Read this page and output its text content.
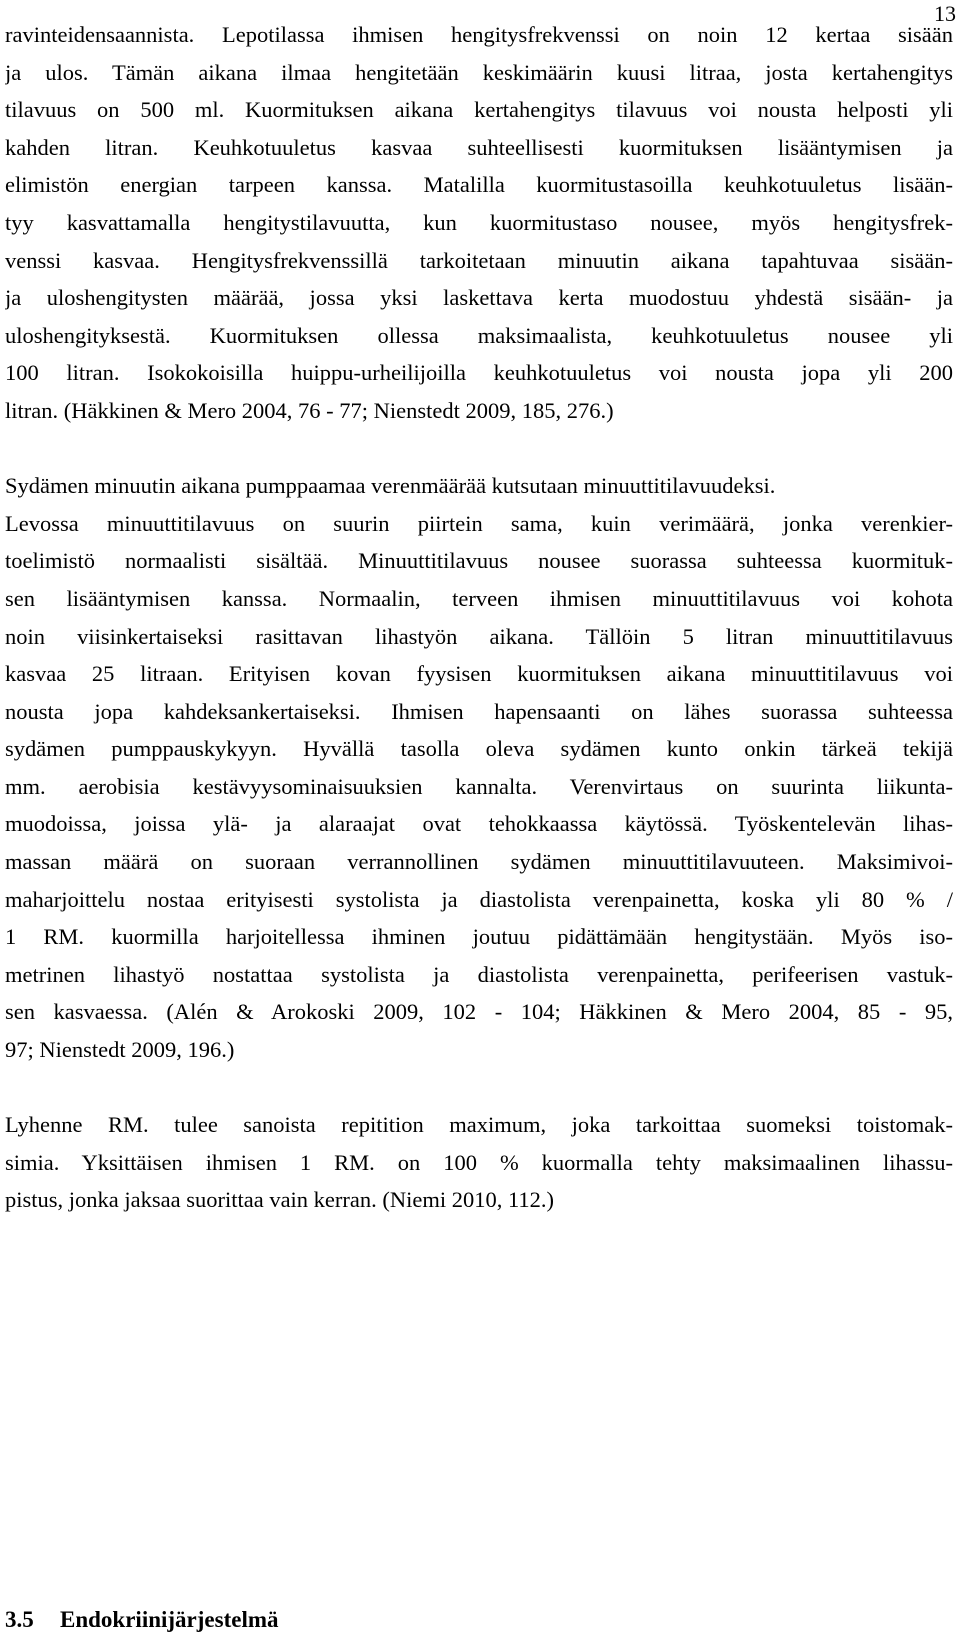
13

ravinteidensaannista. Lepotilassa ihmisen hengitysfrekvenssi on noin 12 kertaa sisään
ja ulos. Tämän aikana ilmaa hengitetään keskimäärin kuusi litraa, josta kertahengitys
tilavuus on 500 ml. Kuormituksen aikana kertahengitys tilavuus voi nousta helposti yli
kahden litran. Keuhkotuuletus kasvaa suhteellisesti kuormituksen lisääntymisen ja
elimistön energian tarpeen kanssa. Matalilla kuormitustasoilla keuhkotuuletus lisään-
tyy kasvattamalla hengitystilavuutta, kun kuormitustaso nousee, myös hengitysfrek-
venssi kasvaa. Hengitysfrekvenssillä tarkoitetaan minuutin aikana tapahtuvaa sisään-
ja uloshengitysten määrää, jossa yksi laskettava kerta muodostuu yhdestä sisään- ja
uloshengityksestä. Kuormituksen ollessa maksimaalista, keuhkotuuletus nousee yli
100 litran. Isokokoisilla huippu-urheilijoilla keuhkotuuletus voi nousta jopa yli 200
litran. (Häkkinen & Mero 2004, 76 - 77; Nienstedt 2009, 185, 276.)

Sydämen minuutin aikana pumppaamaa verenmäärää kutsutaan minuuttitilavuudeksi.
Levossa minuuttitilavuus on suurin piirtein sama, kuin verimäärä, jonka verenkier-
toelimistö normaalisti sisältää. Minuuttitilavuus nousee suorassa suhteessa kuormituk-
sen lisääntymisen kanssa. Normaalin, terveen ihmisen minuuttitilavuus voi kohota
noin viisinkertaiseksi rasittavan lihastyön aikana. Tällöin 5 litran minuuttitilavuus
kasvaa 25 litraan. Erityisen kovan fyysisen kuormituksen aikana minuuttitilavuus voi
nousta jopa kahdeksankertaiseksi. Ihmisen hapensaanti on lähes suorassa suhteessa
sydämen pumppauskykyyn. Hyvällä tasolla oleva sydämen kunto onkin tärkeä tekijä
mm. aerobisia kestävyysominaisuuksien kannalta. Verenvirtaus on suurinta liikunta-
muodoissa, joissa ylä- ja alaraajat ovat tehokkaassa käytössä. Työskentelevän lihas-
massan määrä on suoraan verrannollinen sydämen minuuttitilavuuteen. Maksimivoi-
maharjoittelu nostaa erityisesti systolista ja diastolista verenpainetta, koska yli 80 % /
1 RM. kuormilla harjoitellessa ihminen joutuu pidättämään hengitystään. Myös iso-
metrinen lihastyö nostattaa systolista ja diastolista verenpainetta, perifeerisen vastuk-
sen kasvaessa. (Alén & Arokoski 2009, 102 - 104; Häkkinen & Mero 2004, 85 - 95,
97; Nienstedt 2009, 196.)

Lyhenne RM. tulee sanoista repitition maximum, joka tarkoittaa suomeksi toistomak-
simia. Yksittäisen ihmisen 1 RM. on 100 % kuormalla tehty maksimaalinen lihassu-
pistus, jonka jaksaa suorittaa vain kerran. (Niemi 2010, 112.)

3.5 Endokriinijärjestelmä
